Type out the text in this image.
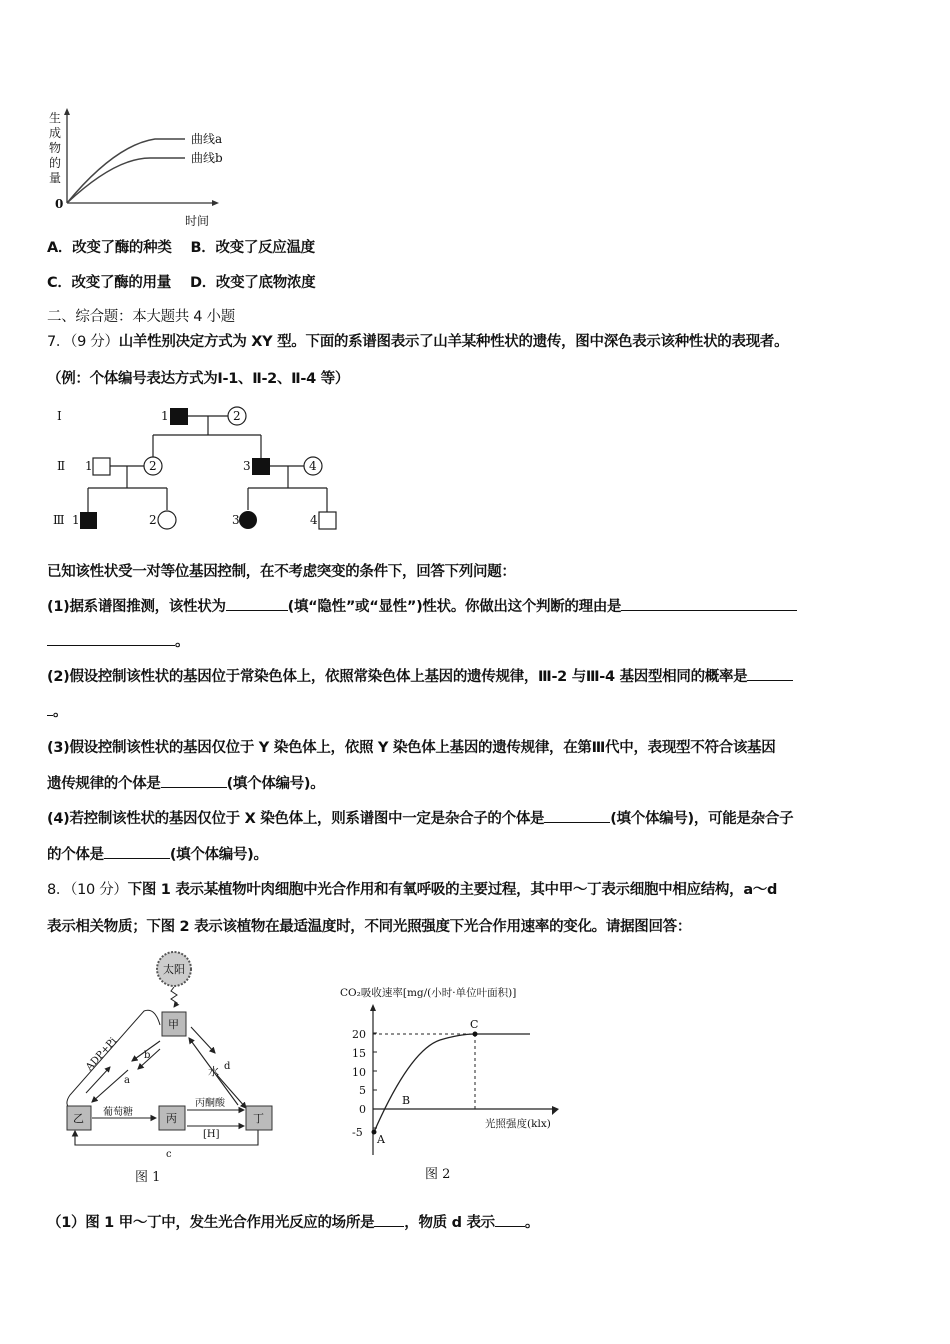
生
成
物
的
量
0
时间
曲线a
曲线b
A．改变了酶的种类 B．改变了反应温度
C．改变了酶的用量 D．改变了底物浓度
二、综合题：本大题共 4 小题
7．（9 分）山羊性别决定方式为 XY 型。下面的系谱图表示了山羊某种性状的遗传，图中深色表示该种性状的表现者。
（例：个体编号表达方式为Ⅰ-1、Ⅱ-2、Ⅱ-4 等）
Ⅰ
Ⅱ
Ⅲ
1	2
1	2	3	4
1	2	3	4
已知该性状受一对等位基因控制，在不考虑突变的条件下，回答下列问题：
(1)据系谱图推测，该性状为	(填“隐性”或“显性”)性状。你做出这个判断的理由是
。
(2)假设控制该性状的基因位于常染色体上，依照常染色体上基因的遗传规律，Ⅲ-2 与Ⅲ-4 基因型相同的概率是
。
(3)假设控制该性状的基因仅位于 Y 染色体上，依照 Y 染色体上基因的遗传规律，在第Ⅲ代中，表现型不符合该基因
遗传规律的个体是	(填个体编号)。
(4)若控制该性状的基因仅位于 X 染色体上，则系谱图中一定是杂合子的个体是	(填个体编号)，可能是杂合子
的个体是	(填个体编号)。
8．（10 分）下图 1 表示某植物叶肉细胞中光合作用和有氧呼吸的主要过程，其中甲～丁表示细胞中相应结构，a～d
表示相关物质；下图 2 表示该植物在最适温度时，不同光照强度下光合作用速率的变化。请据图回答：
太阳
甲
乙	丙	丁
ADP+Pi b
a
水 d
葡萄糖
丙酮酸
[H]
c
图 1
CO₂吸收速率[mg/(小时·单位叶面积)]
A
B
C
光照强度(klx)
20
15
10
5
0
-5
图 2
（1）图 1 甲～丁中，发生光合作用光反应的场所是 ，物质 d 表示 。
